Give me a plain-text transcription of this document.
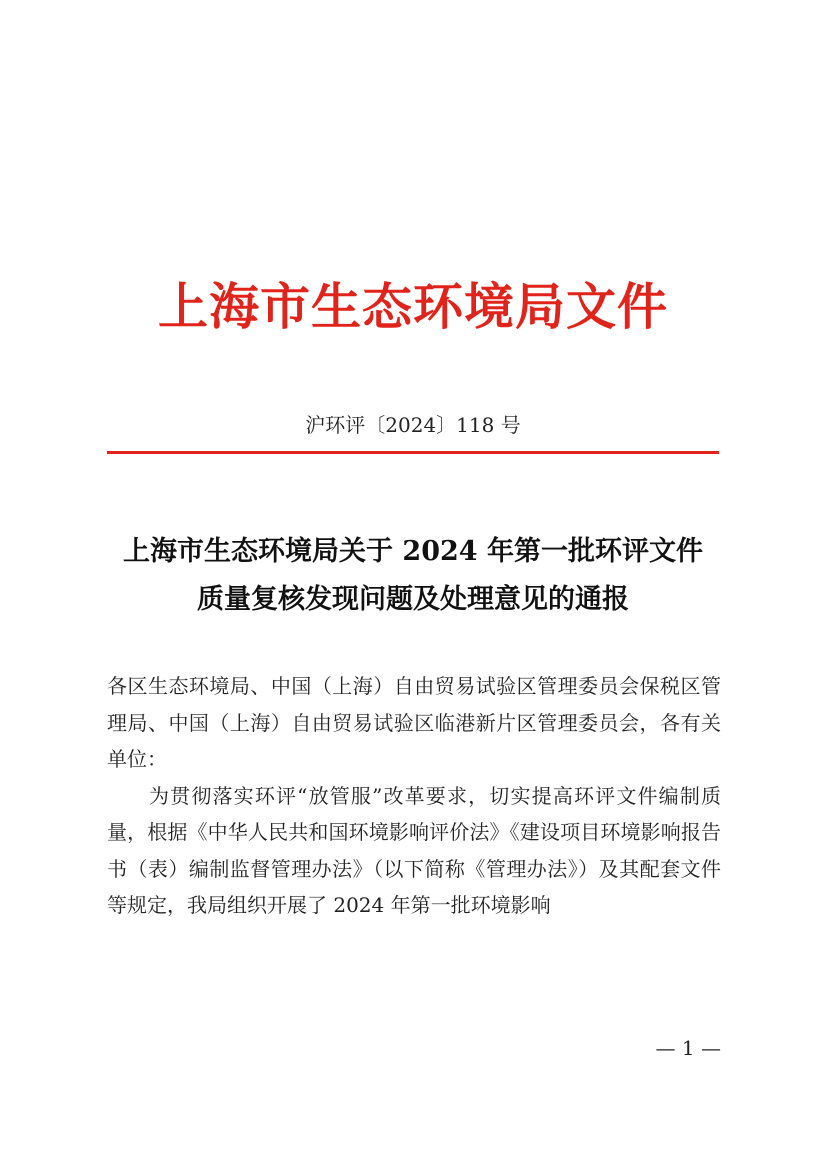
上海市生态环境局文件
沪环评〔2024〕118 号
上海市生态环境局关于 2024 年第一批环评文件
质量复核发现问题及处理意见的通报

各区生态环境局、中国（上海）自由贸易试验区管理委员会保税区管理局、中国（上海）自由贸易试验区临港新片区管理委员会，各有关单位：

为贯彻落实环评“放管服”改革要求，切实提高环评文件编制质量，根据《中华人民共和国环境影响评价法》《建设项目环境影响报告书（表）编制监督管理办法》（以下简称《管理办法》）及其配套文件等规定，我局组织开展了 2024 年第一批环境影响

— 1 —
